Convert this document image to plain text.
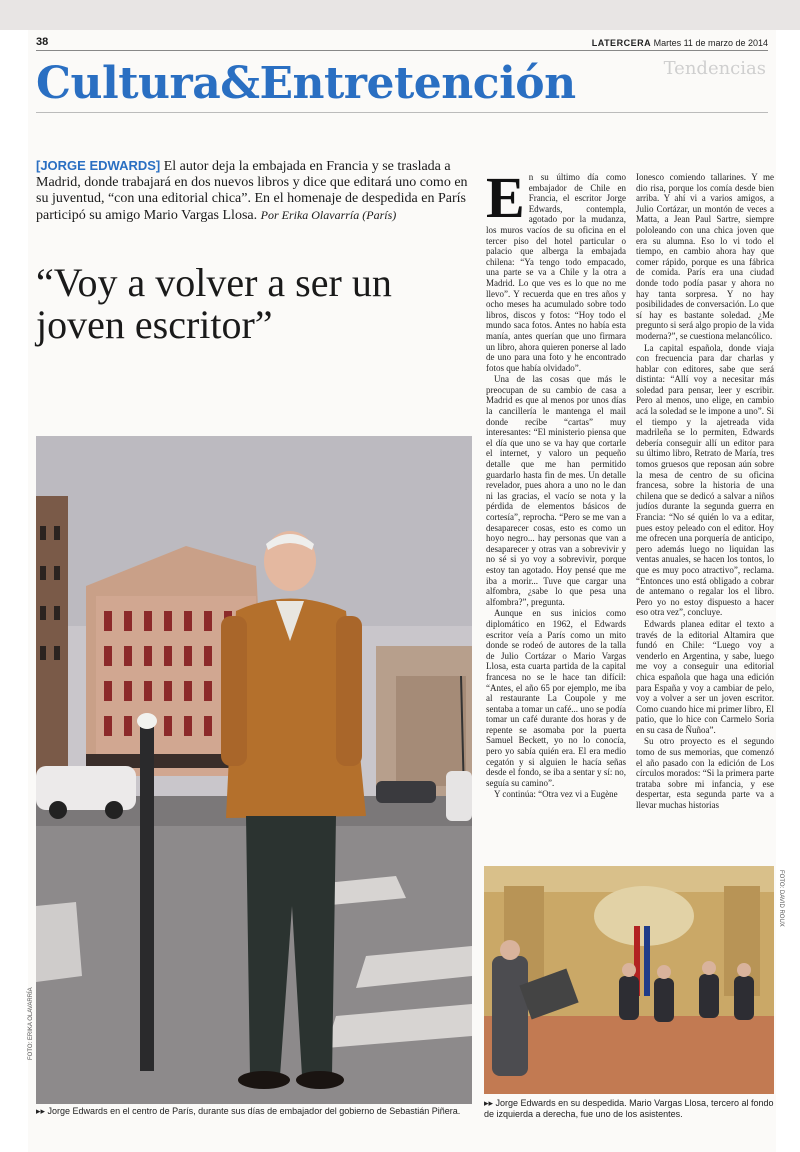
38	LATERCERA Martes 11 de marzo de 2014
Cultura&Entretención	Tendencias
[JORGE EDWARDS] El autor deja la embajada en Francia y se traslada a Madrid, donde trabajará en dos nuevos libros y dice que editará uno como en su juventud, “con una editorial chica”. En el homenaje de despedida en París participó su amigo Mario Vargas Llosa. Por Erika Olavarría (París)
“Voy a volver a ser un joven escritor”
▸▸ Jorge Edwards en el centro de París, durante sus días de embajador del gobierno de Sebastián Piñera.
FOTO: ERIKA OLAVARRÍA
E n su último día como embajador de Chile en Francia, el escritor Jorge Edwards, contempla, agotado por la mudanza, los muros vacíos de su oficina en el tercer piso del hotel particular o palacio que alberga la embajada chilena: “Ya tengo todo empacado, una parte se va a Chile y la otra a Madrid. Lo que ves es lo que no me llevo”. Y recuerda que en tres años y ocho meses ha acumulado sobre todo libros, discos y fotos: “Hoy todo el mundo saca fotos. Antes no había esta manía, antes querían que uno firmara un libro, ahora quieren ponerse al lado de uno para una foto y he encontrado fotos que había olvidado”.

Una de las cosas que más le preocupan de su cambio de casa a Madrid es que al menos por unos días la cancillería le mantenga el mail donde recibe “cartas” muy interesantes: “El ministerio piensa que el día que uno se va hay que cortarle el internet, y valoro un pequeño detalle que me han permitido guardarlo hasta fin de mes. Un detalle revelador, pues ahora a uno no le dan ni las gracias, el vacío se nota y la pérdida de elementos básicos de cortesía”, reprocha. “Pero se me van a desaparecer cosas, esto es como un hoyo negro... hay personas que van a desaparecer y otras van a sobrevivir y no sé si yo voy a sobrevivir, porque estoy tan agotado. Hoy pensé que me iba a morir... Tuve que cargar una alfombra, ¿sabe lo que pesa una alfombra?”, pregunta.

Aunque en sus inicios como diplomático en 1962, el Edwards escritor veía a París como un mito donde se rodeó de autores de la talla de Julio Cortázar o Mario Vargas Llosa, esta cuarta partida de la capital francesa no se le hace tan difícil: “Antes, el año 65 por ejemplo, me iba al restaurante La Coupole y me sentaba a tomar un café... uno se podía tomar un café durante dos horas y de repente se asomaba por la puerta Samuel Beckett, yo no lo conocía, pero yo sabía quién era. El era medio cegatón y si alguien le hacía señas desde el fondo, se iba a sentar y sí: no, seguía su camino”.

Y continúa: “Otra vez vi a Eugène

Ionesco comiendo tallarines. Y me dio risa, porque los comía desde bien arriba. Y ahí vi a varios amigos, a Julio Cortázar, un montón de veces a Matta, a Jean Paul Sartre, siempre pololeando con una chica joven que era su alumna. Eso lo vi todo el tiempo, en cambio ahora hay que comer rápido, porque es una fábrica de comida. París era una ciudad donde todo podía pasar y ahora no hay tanta sorpresa. Y no hay posibilidades de conversación. Lo que sí hay es bastante soledad. ¿Me pregunto si será algo propio de la vida moderna?”, se cuestiona melancólico.

La capital española, donde viaja con frecuencia para dar charlas y hablar con editores, sabe que será distinta: “Allí voy a necesitar más soledad para pensar, leer y escribir. Pero al menos, uno elige, en cambio acá la soledad se le impone a uno”. Si el tiempo y la ajetreada vida madrileña se lo permiten, Edwards debería conseguir allí un editor para su último libro, Retrato de María, tres tomos gruesos que reposan aún sobre la mesa de centro de su oficina francesa, sobre la historia de una chilena que se dedicó a salvar a niños judíos durante la segunda guerra en Francia: “No sé quién lo va a editar, pues estoy peleado con el editor. Hoy me ofrecen una porquería de anticipo, pero además luego no liquidan las ventas anuales, se hacen los tontos, lo que es muy poco atractivo”, reclama. “Entonces uno está obligado a cobrar de antemano o regalar los el libro. Pero yo no estoy dispuesto a hacer eso otra vez”, concluye.

Edwards planea editar el texto a través de la editorial Altamira que fundó en Chile: “Luego voy a venderlo en Argentina, y sabe, luego me voy a conseguir una editorial chica española que haga una edición para España y voy a cambiar de pelo, voy a volver a ser un joven escritor. Como cuando hice mi primer libro, El patio, que lo hice con Carmelo Soria en su casa de Ñuñoa”.

Su otro proyecto es el segundo tomo de sus memorias, que comenzó el año pasado con la edición de Los círculos morados: “Si la primera parte trataba sobre mi infancia, y ese despertar, esta segunda parte va a llevar muchas historias

▸▸ Jorge Edwards en su despedida. Mario Vargas Llosa, tercero al fondo de izquierda a derecha, fue uno de los asistentes.
FOTO: DAVID ROUX
